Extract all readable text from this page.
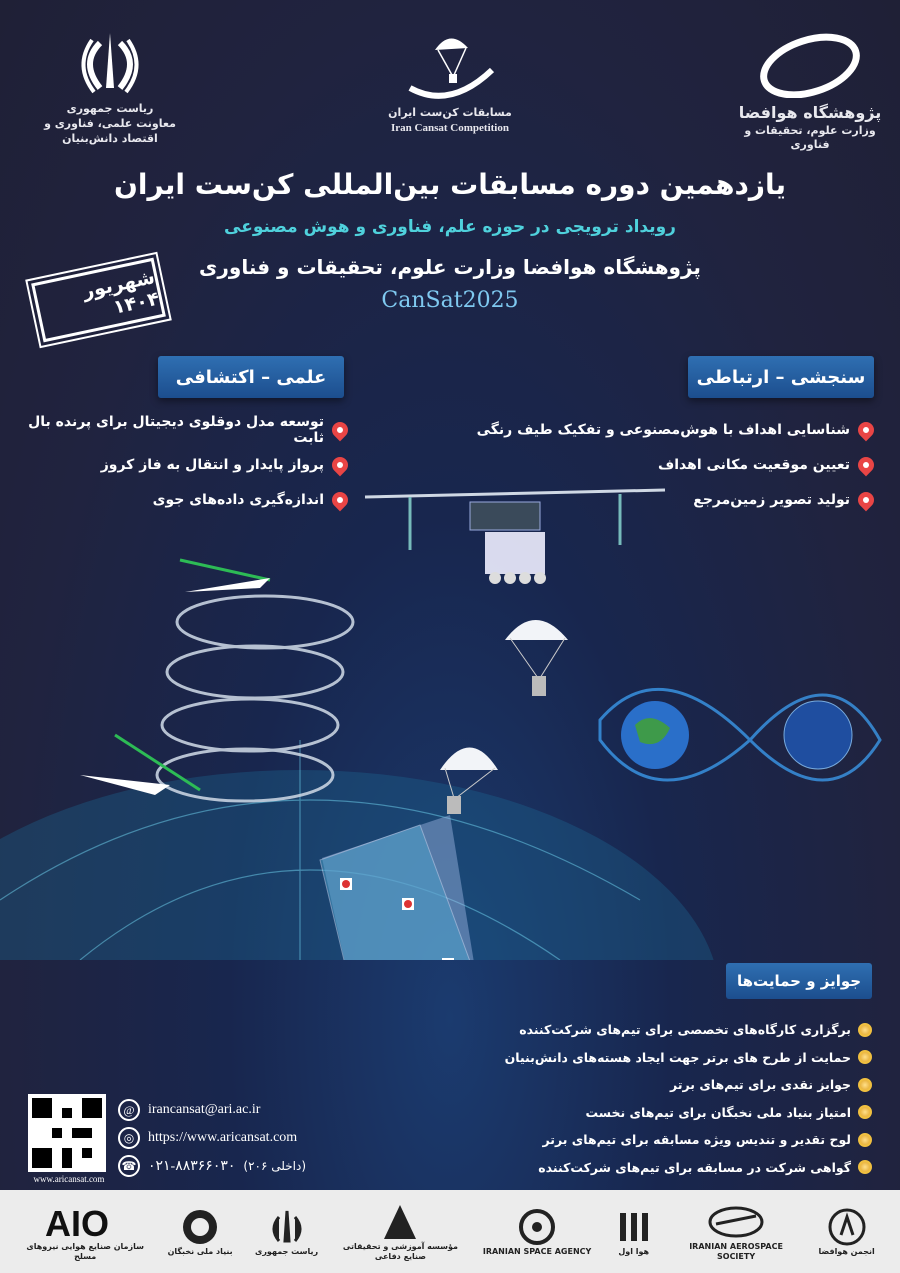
ریاست جمهوری
معاونت علمی، فناوری و اقتصاد دانش‌بنیان
مسابقات کن‌ست ایران
Iran Cansat Competition
پژوهشگاه هوافضا
وزارت علوم، تحقیقات و فناوری
یازدهمین دوره مسابقات بین‌المللی کن‌ست ایران
رویداد ترویجی در حوزه علم، فناوری و هوش مصنوعی
پژوهشگاه هوافضا وزارت علوم، تحقیقات و فناوری
CanSat2025
شهریور ۱۴۰۴
علمی – اکتشافی	سنجشی – ارتباطی
توسعه مدل دوقلوی دیجیتال برای پرنده بال ثابت
پرواز پایدار و انتقال به فاز کروز
اندازه‌گیری داده‌های جوی
شناسایی اهداف با هوش‌مصنوعی و تفکیک طیف رنگی
تعیین موقعیت مکانی اهداف
تولید تصویر زمین‌مرجع
جوایز و حمایت‌ها
برگزاری کارگاه‌های تخصصی برای تیم‌های شرکت‌کننده
حمایت از طرح های برتر جهت ایجاد هسته‌های دانش‌بنیان
جوایز نقدی برای تیم‌های برتر
امتیاز بنیاد ملی نخبگان برای تیم‌های نخست
لوح تقدیر و تندیس ویژه مسابقه برای تیم‌های برتر
گواهی شرکت در مسابقه برای تیم‌های شرکت‌کننده
www.aricansat.com
@ irancansat@ari.ac.ir
◎ https://www.aricansat.com
☎ ۰۲۱-۸۸۳۶۶۰۳۰ (داخلی ۲۰۶)
AIO
سازمان صنایع هوایی نیروهای مسلح
بنیاد ملی نخبگان	ریاست جمهوری
مؤسسه آموزشی و تحقیقاتی صنایع دفاعی
IRANIAN SPACE AGENCY	هوا اول
IRANIAN AEROSPACE SOCIETY
انجمن هوافضا
